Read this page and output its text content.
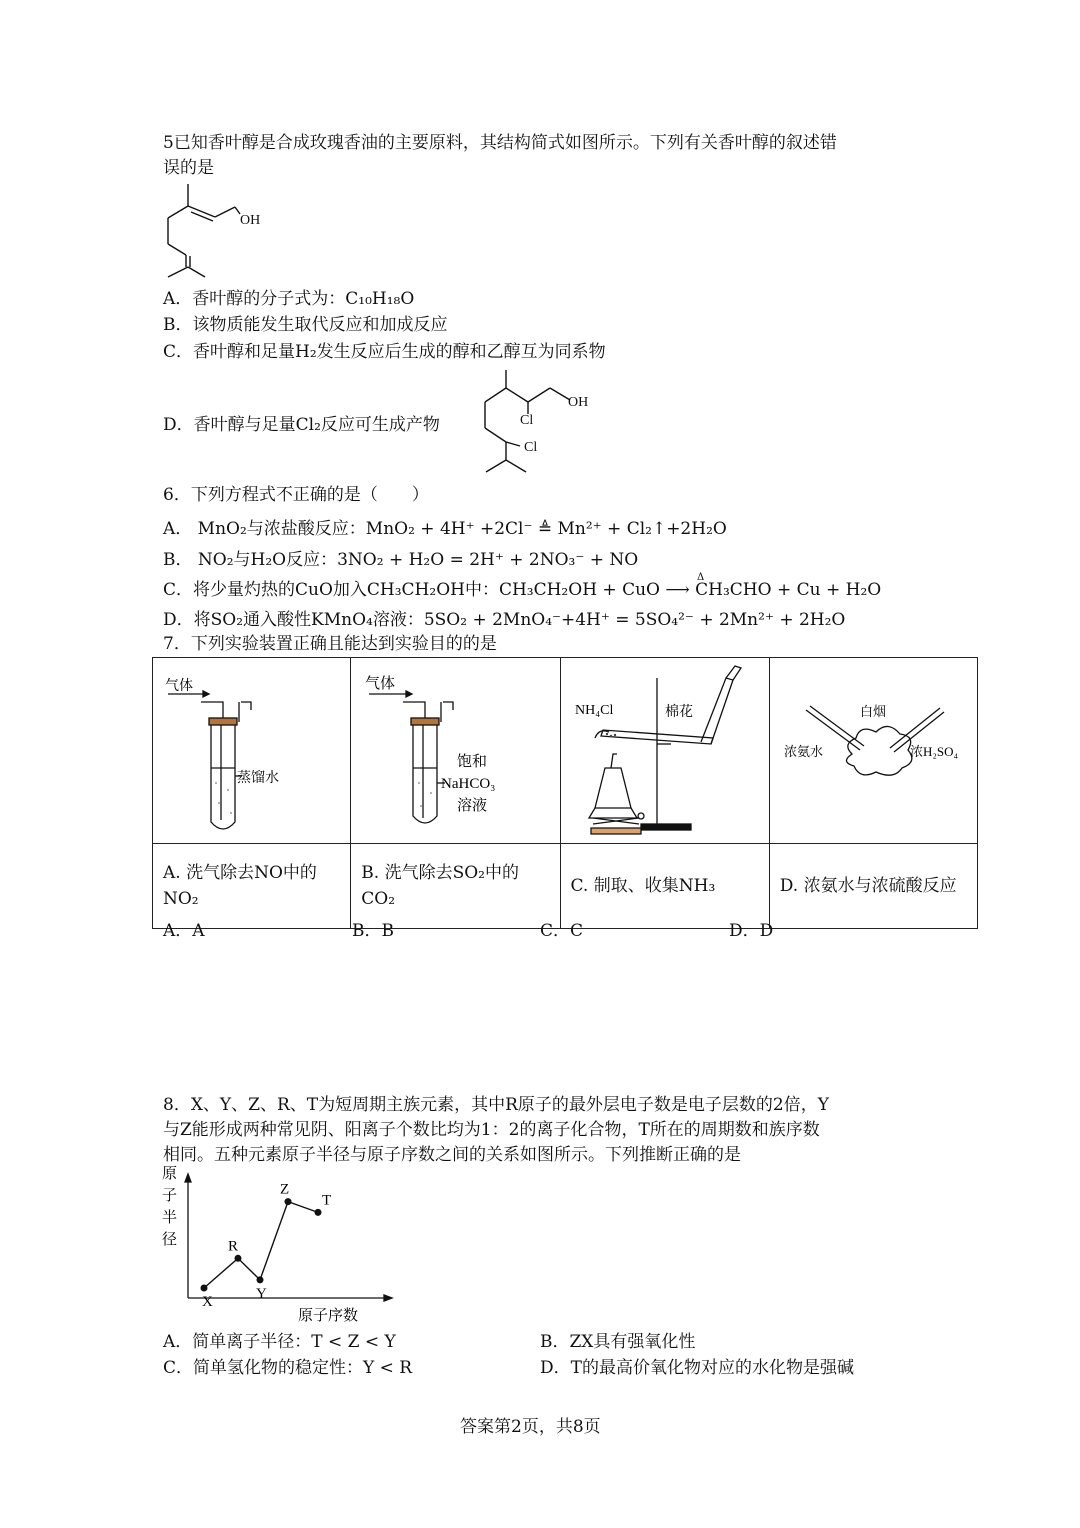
5已知香叶醇是合成玫瑰香油的主要原料，其结构简式如图所示。下列有关香叶醇的叙述错
误的是
OH
A．香叶醇的分子式为：C₁₀H₁₈O
B．该物质能发生取代反应和加成反应
C．香叶醇和足量H₂发生反应后生成的醇和乙醇互为同系物
D．香叶醇与足量Cl₂反应可生成产物
OH
Cl
Cl
6．下列方程式不正确的是（　　）
A． MnO₂与浓盐酸反应：MnO₂ + 4H⁺ +2Cl⁻ ≜ Mn²⁺ + Cl₂↑+2H₂O
B． NO₂与H₂O反应：3NO₂ + H₂O = 2H⁺ + 2NO₃⁻ + NO
C．将少量灼热的CuO加入CH₃CH₂OH中：CH₃CH₂OH + CuO ⟶ CH₃CHO + Cu + H₂O
Δ
D．将SO₂通入酸性KMnO₄溶液：5SO₂ + 2MnO₄⁻+4H⁺ = 5SO₄²⁻ + 2Mn²⁺ + 2H₂O
7．下列实验装置正确且能达到实验目的的是
气体
蒸馏水	气体
饱和
NaHCO₃
溶液	NH₄Cl 棉花	白烟
浓氨水 浓H₂SO₄

A. 洗气除去NO中的NO₂	B. 洗气除去SO₂中的CO₂	C. 制取、收集NH₃	D. 浓氨水与浓硫酸反应
A．A	B．B	C．C	D．D
8．X、Y、Z、R、T为短周期主族元素，其中R原子的最外层电子数是电子层数的2倍，Y
与Z能形成两种常见阴、阳离子个数比均为1：2的离子化合物，T所在的周期数和族序数
相同。五种元素原子半径与原子序数之间的关系如图所示。下列推断正确的是
原 子 半 径
原子序数
X
R
Y
Z
T
A．简单离子半径：T < Z < Y	B．ZX具有强氧化性
C．简单氢化物的稳定性：Y < R	D．T的最高价氧化物对应的水化物是强碱
答案第2页，共8页
